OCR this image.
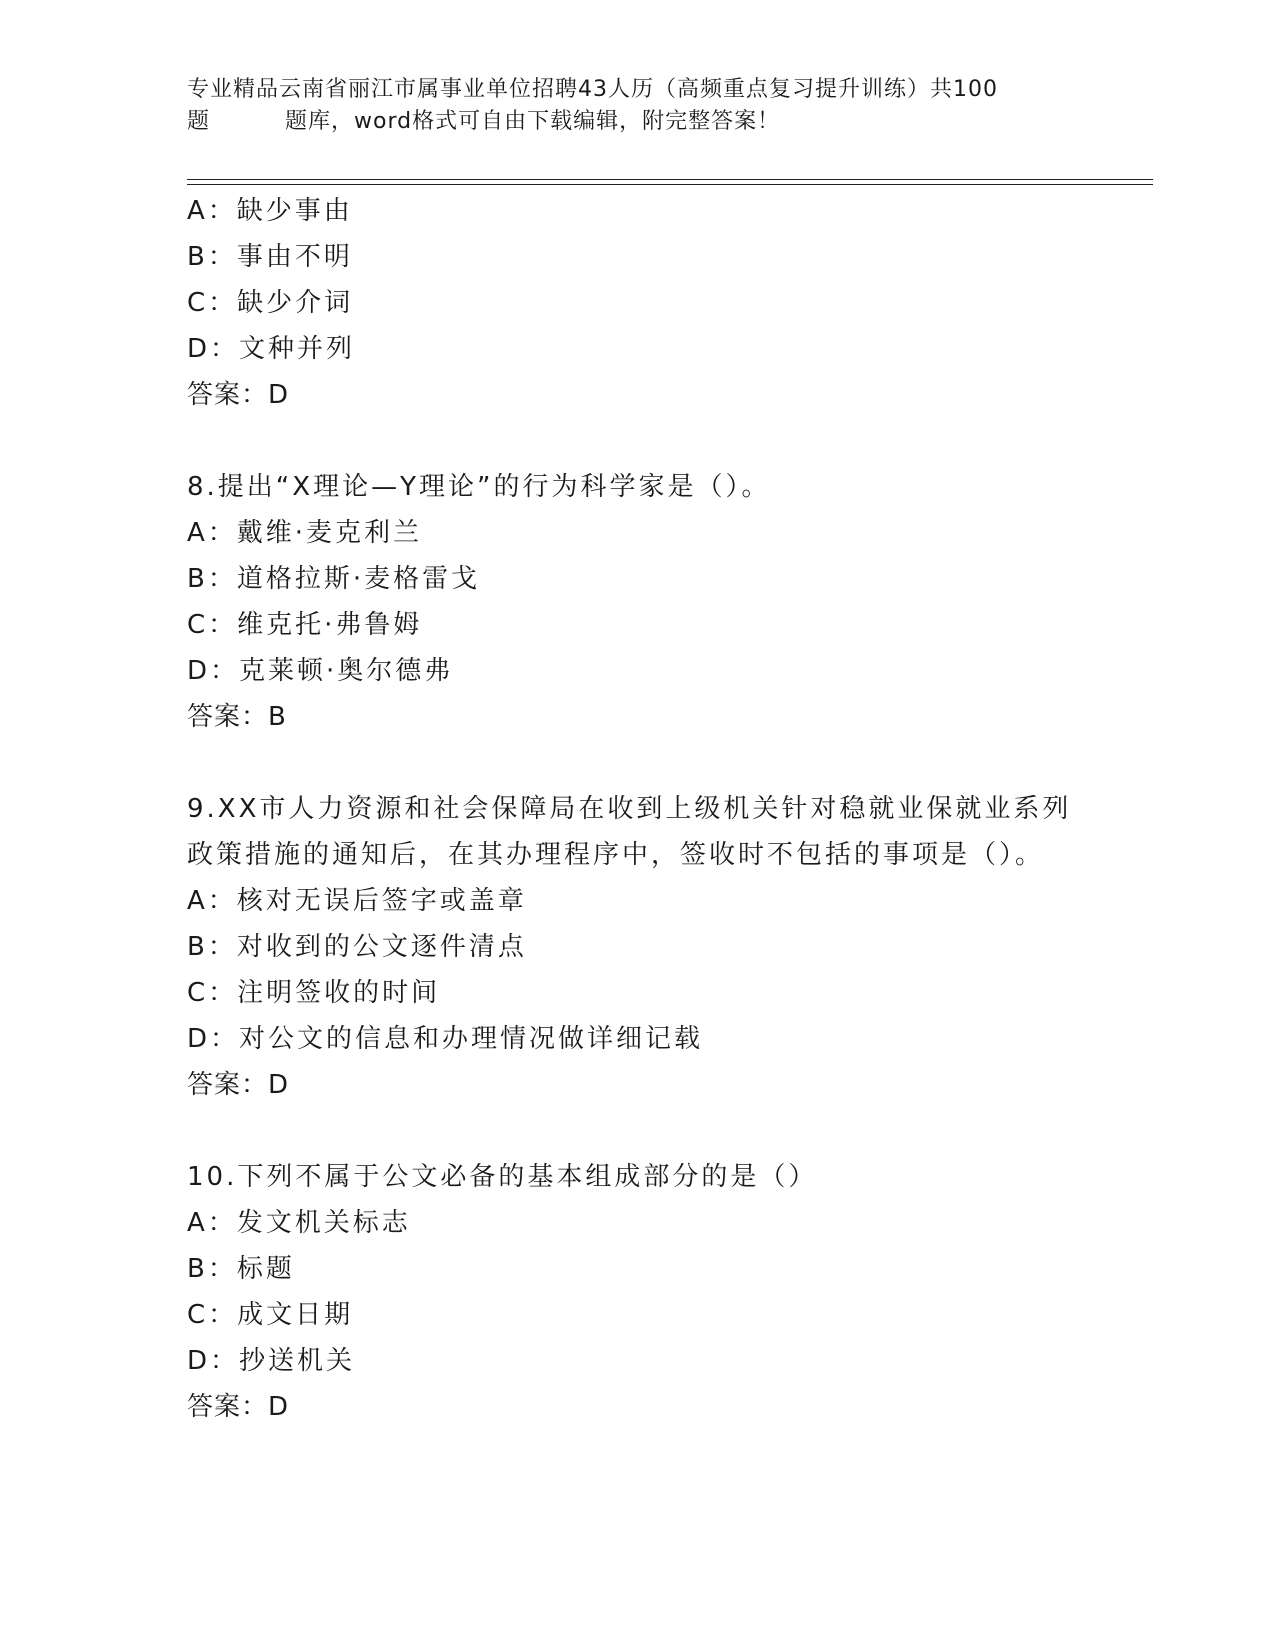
专业精品云南省丽江市属事业单位招聘43人历（高频重点复习提升训练）共100

题	题库，word格式可自由下载编辑，附完整答案！
A：缺少事由
B：事由不明
C：缺少介词
D：文种并列
答案：D
8.提出“X理论—Y理论”的行为科学家是（）。
A：戴维·麦克利兰
B：道格拉斯·麦格雷戈
C：维克托·弗鲁姆
D：克莱顿·奥尔德弗
答案：B
9.XX市人力资源和社会保障局在收到上级机关针对稳就业保就业系列
政策措施的通知后，在其办理程序中，签收时不包括的事项是（）。
A：核对无误后签字或盖章
B：对收到的公文逐件清点
C：注明签收的时间
D：对公文的信息和办理情况做详细记载
答案：D
10.下列不属于公文必备的基本组成部分的是（）
A：发文机关标志
B：标题
C：成文日期
D：抄送机关
答案：D
